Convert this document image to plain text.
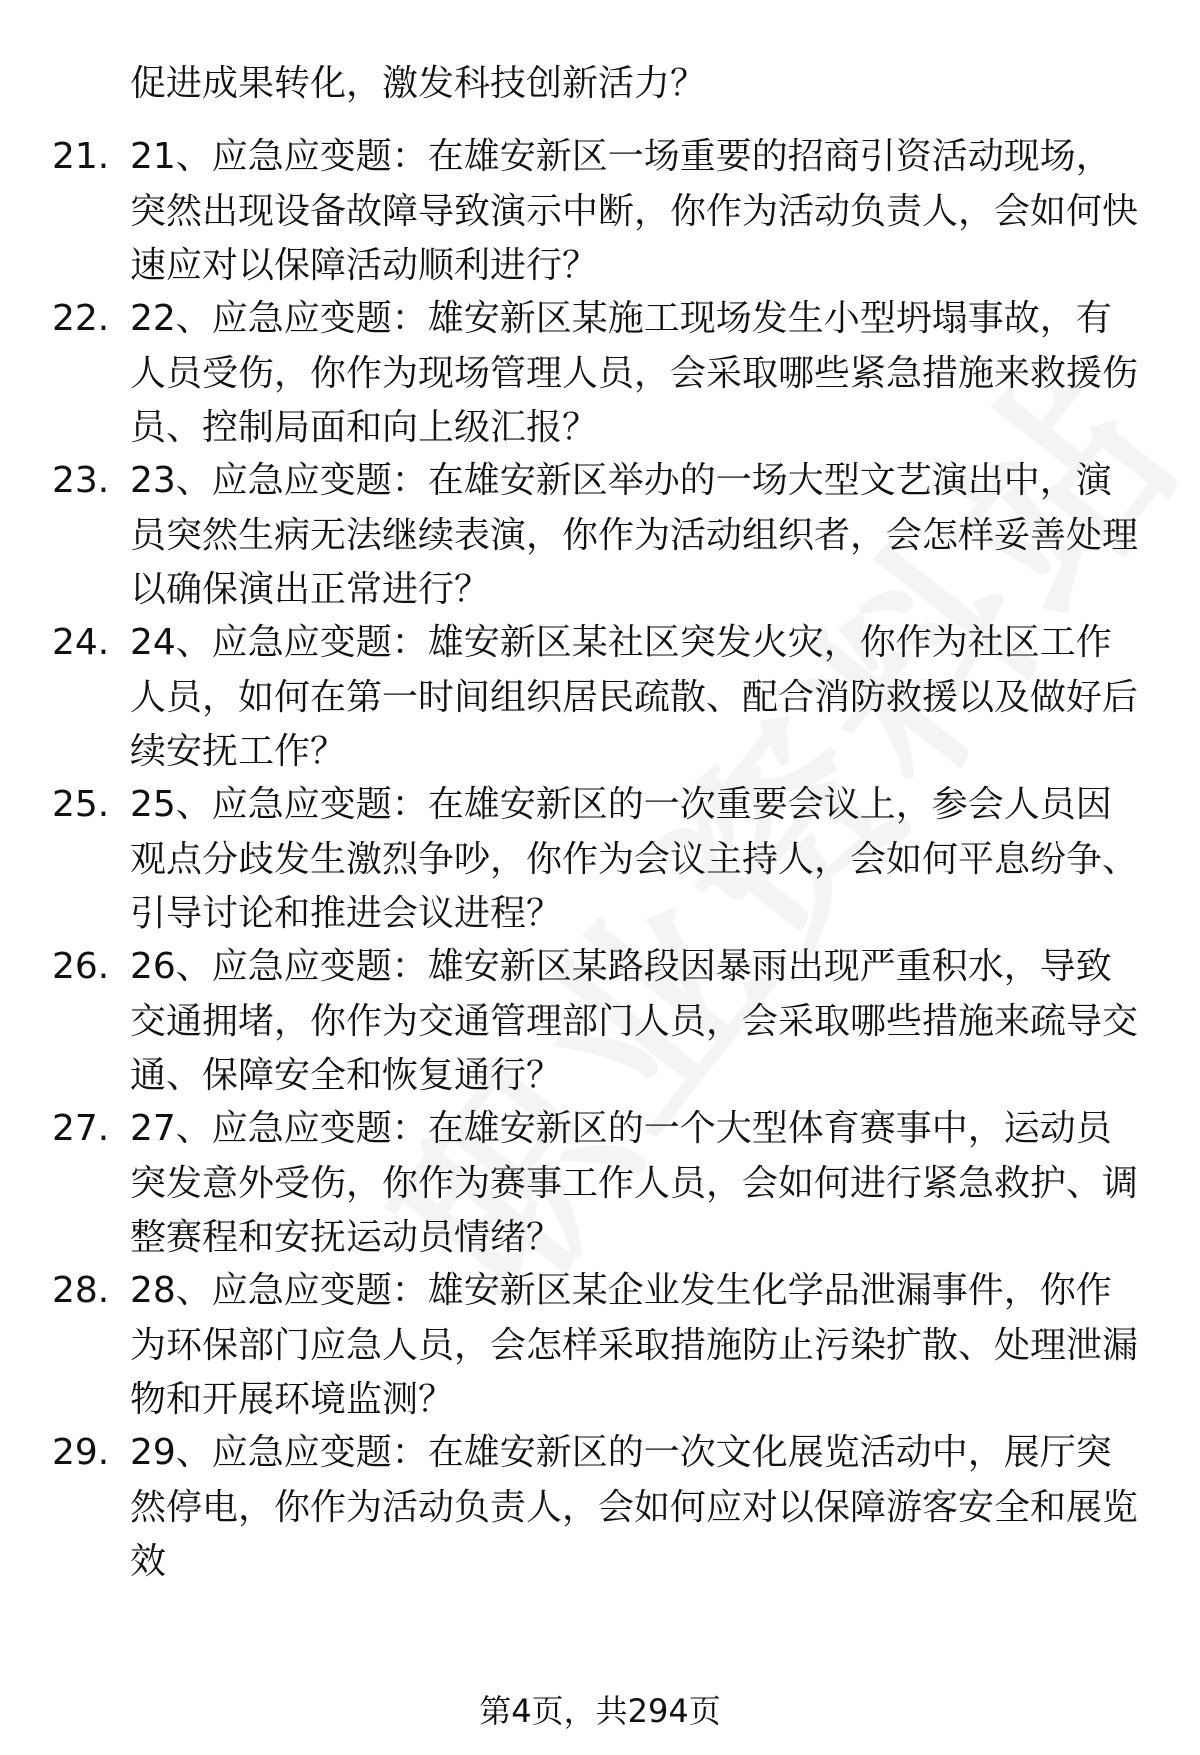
促进成果转化，激发科技创新活力？
21. 21、应急应变题：在雄安新区一场重要的招商引资活动现场，突然出现设备故障导致演示中断，你作为活动负责人，会如何快速应对以保障活动顺利进行？
22. 22、应急应变题：雄安新区某施工现场发生小型坍塌事故，有人员受伤，你作为现场管理人员，会采取哪些紧急措施来救援伤员、控制局面和向上级汇报？
23. 23、应急应变题：在雄安新区举办的一场大型文艺演出中，演员突然生病无法继续表演，你作为活动组织者，会怎样妥善处理以确保演出正常进行？
24. 24、应急应变题：雄安新区某社区突发火灾，你作为社区工作人员，如何在第一时间组织居民疏散、配合消防救援以及做好后续安抚工作？
25. 25、应急应变题：在雄安新区的一次重要会议上，参会人员因观点分歧发生激烈争吵，你作为会议主持人，会如何平息纷争、引导讨论和推进会议进程？
26. 26、应急应变题：雄安新区某路段因暴雨出现严重积水，导致交通拥堵，你作为交通管理部门人员，会采取哪些措施来疏导交通、保障安全和恢复通行？
27. 27、应急应变题：在雄安新区的一个大型体育赛事中，运动员突发意外受伤，你作为赛事工作人员，会如何进行紧急救护、调整赛程和安抚运动员情绪？
28. 28、应急应变题：雄安新区某企业发生化学品泄漏事件，你作为环保部门应急人员，会怎样采取措施防止污染扩散、处理泄漏物和开展环境监测？
29. 29、应急应变题：在雄安新区的一次文化展览活动中，展厅突然停电，你作为活动负责人，会如何应对以保障游客安全和展览效
第4页，共294页
